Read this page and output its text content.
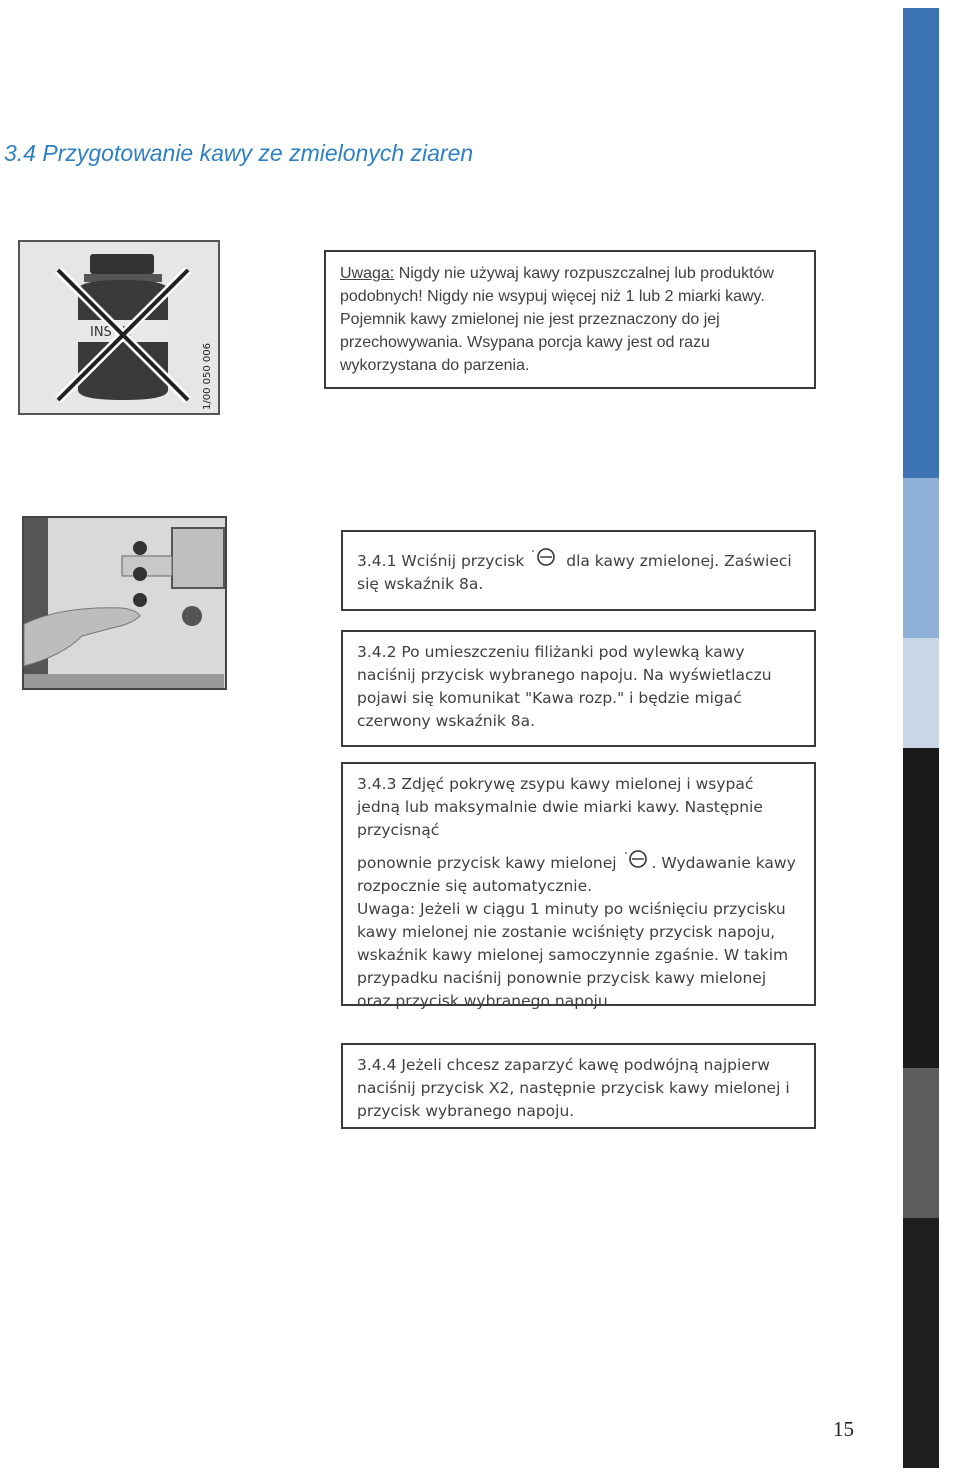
3.4 Przygotowanie kawy ze zmielonych ziaren
INS NT
1/00 050 006

Uwaga: Nigdy nie używaj kawy rozpuszczalnej lub produktów podobnych! Nigdy nie wsypuj więcej niż 1 lub 2 miarki kawy. Pojemnik kawy zmielonej nie jest przeznaczony do jej przechowywania. Wsypana porcja kawy jest od razu wykorzystana do parzenia.

3.4.1 Wciśnij przycisk  dla kawy zmielonej. Zaświeci się wskaźnik 8a.

3.4.2 Po umieszczeniu filiżanki pod wylewką kawy naciśnij przycisk wybranego napoju. Na wyświetlaczu pojawi się komunikat "Kawa rozp." i będzie migać czerwony wskaźnik 8a.

3.4.3 Zdjęć pokrywę zsypu kawy mielonej i wsypać jedną lub maksymalnie dwie miarki kawy. Następnie przycisnąć

ponownie przycisk kawy mielonej . Wydawanie kawy rozpocznie się automatycznie.

Uwaga: Jeżeli w ciągu 1 minuty po wciśnięciu przycisku kawy mielonej nie zostanie wciśnięty przycisk napoju, wskaźnik kawy mielonej samoczynnie zgaśnie. W takim przypadku naciśnij ponownie przycisk kawy mielonej oraz przycisk wybranego napoju.

3.4.4 Jeżeli chcesz zaparzyć kawę podwójną najpierw naciśnij przycisk X2, następnie przycisk kawy mielonej i przycisk wybranego napoju.

15
